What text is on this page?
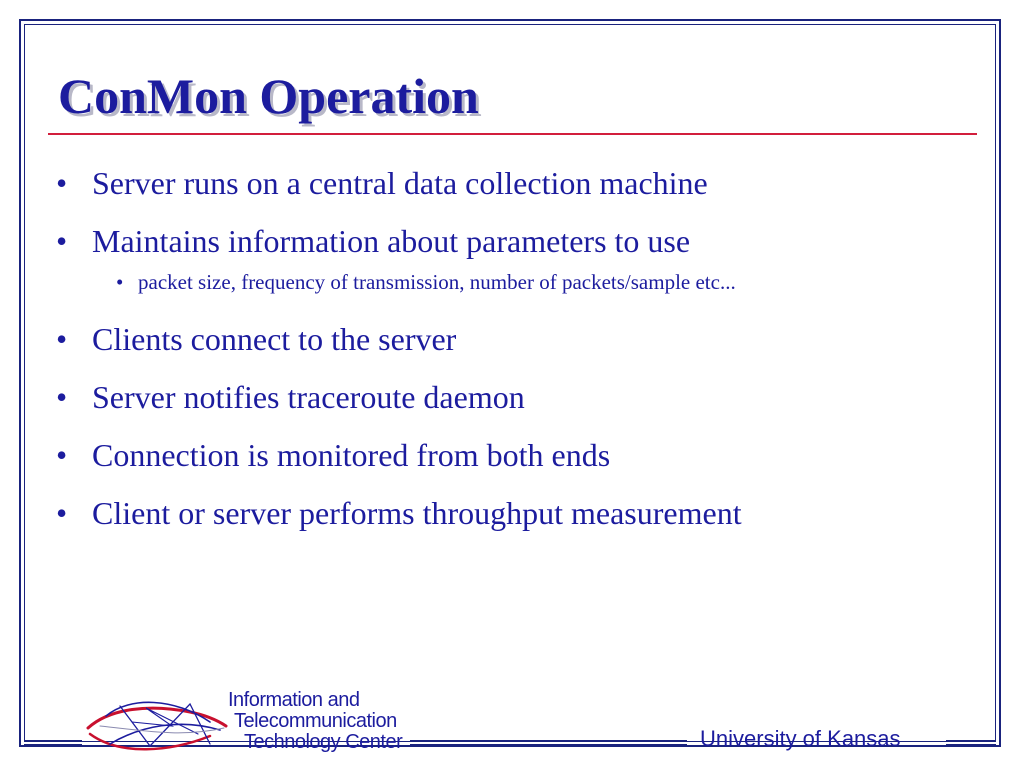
ConMon Operation
• Server runs on a central data collection machine
• Maintains information about parameters to use
• packet size, frequency of transmission, number of packets/sample etc...
• Clients connect to the server
• Server notifies traceroute daemon
• Connection is monitored from both ends
• Client or server performs throughput measurement
Information and
Telecommunication
Technology Center	University of Kansas
